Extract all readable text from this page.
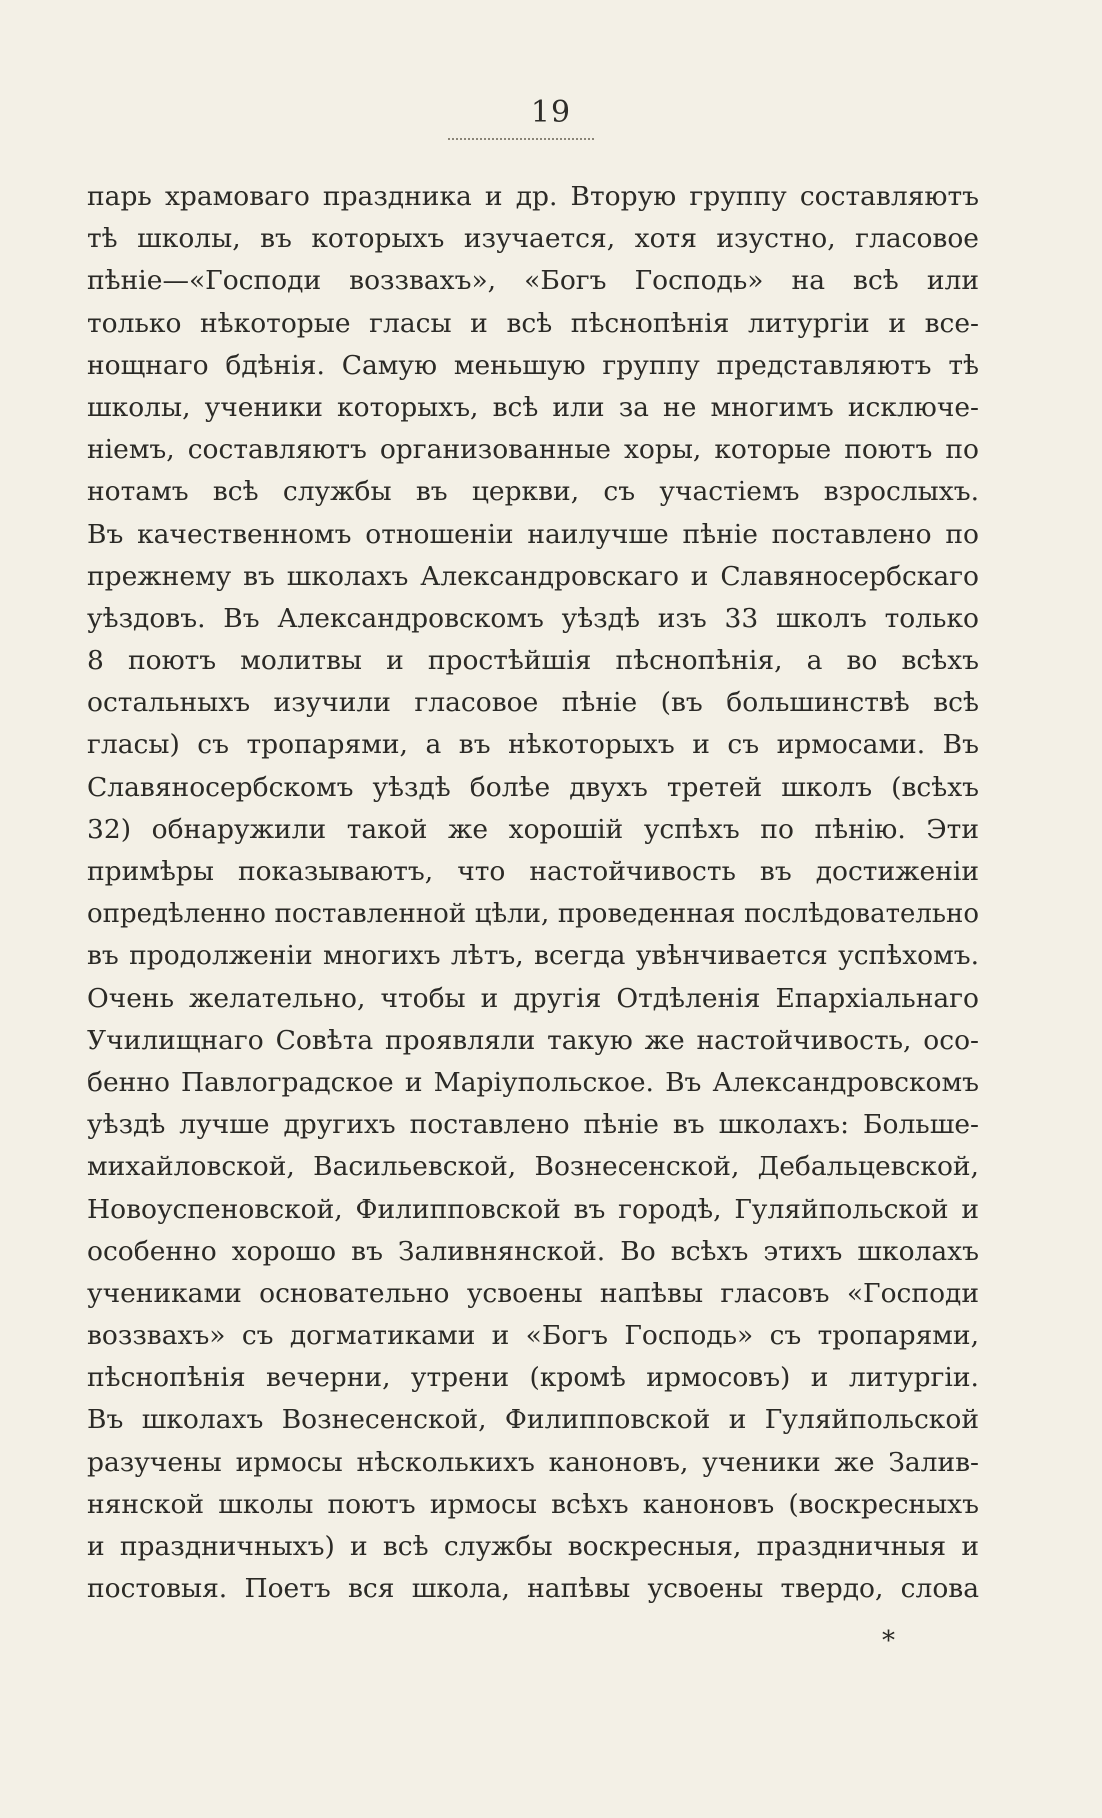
19
парь храмоваго праздника и др. Вторую группу составляютъ
тѣ школы, въ которыхъ изучается, хотя изустно, гласовое
пѣніе—«Господи воззвахъ», «Богъ Господь» на всѣ или
только нѣкоторые гласы и всѣ пѣснопѣнія литургіи и все-
нощнаго бдѣнія. Самую меньшую группу представляютъ тѣ
школы, ученики которыхъ, всѣ или за не многимъ исключе-
ніемъ, составляютъ организованные хоры, которые поютъ по
нотамъ всѣ службы въ церкви, съ участіемъ взрослыхъ.
Въ качественномъ отношеніи наилучше пѣніе поставлено по
прежнему въ школахъ Александровскаго и Славяносербскаго
уѣздовъ. Въ Александровскомъ уѣздѣ изъ 33 школъ только
8 поютъ молитвы и простѣйшія пѣснопѣнія, а во всѣхъ
остальныхъ изучили гласовое пѣніе (въ большинствѣ всѣ
гласы) съ тропарями, а въ нѣкоторыхъ и съ ирмосами. Въ
Славяносербскомъ уѣздѣ болѣе двухъ третей школъ (всѣхъ
32) обнаружили такой же хорошій успѣхъ по пѣнію. Эти
примѣры показываютъ, что настойчивость въ достиженіи
опредѣленно поставленной цѣли, проведенная послѣдовательно
въ продолженіи многихъ лѣтъ, всегда увѣнчивается успѣхомъ.
Очень желательно, чтобы и другія Отдѣленія Епархіальнаго
Училищнаго Совѣта проявляли такую же настойчивость, осо-
бенно Павлоградское и Маріупольское. Въ Александровскомъ
уѣздѣ лучше другихъ поставлено пѣніе въ школахъ: Больше-
михайловской, Васильевской, Вознесенской, Дебальцевской,
Новоуспеновской, Филипповской въ городѣ, Гуляйпольской и
особенно хорошо въ Заливнянской. Во всѣхъ этихъ школахъ
учениками основательно усвоены напѣвы гласовъ «Господи
воззвахъ» съ догматиками и «Богъ Господь» съ тропарями,
пѣснопѣнія вечерни, утрени (кромѣ ирмосовъ) и литургіи.
Въ школахъ Вознесенской, Филипповской и Гуляйпольской
разучены ирмосы нѣсколькихъ каноновъ, ученики же Залив-
нянской школы поютъ ирмосы всѣхъ каноновъ (воскресныхъ
и праздничныхъ) и всѣ службы воскресныя, праздничныя и
постовыя. Поетъ вся школа, напѣвы усвоены твердо, слова
*
